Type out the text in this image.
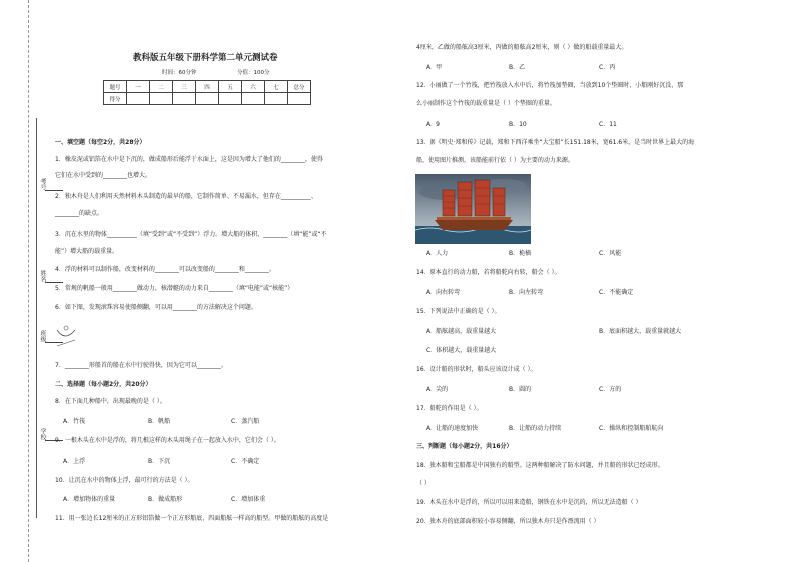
考号
姓名
班级
学校
教科版五年级下册科学第二单元测试卷
时间：60分钟	分值：100分
题号	一	二	三	四	五	六	七	总分
得分								
一、填空题（每空2分，共28分）
1．橡皮泥或铝箔在水中是下沉的，做成船形后能浮于水面上，这是因为增大了他们的________，使得
它们在水中受到的________也增大。
2．独木舟是人们利用天然材料木头制造的最早的船，它制作简单、不易漏水，但存在__________、
________的缺点。
3．沉在水里的物体__________（填“受到”或“不受到”）浮力。增大船的体积，________（填“能”或“不
能”）增大船的载重量。
4．浮的材料可以制作船，改变材料的________可以改变船的________和________。
5．常规的帆船一般用________做动力，核潜艇的动力来自________（填“电能”或“核能”）
6．如下图，发现滚珠容易使船侧翻，可以用________的方法解决这个问题。
7．________形船首的船在水中行驶得快，因为它可以________。
二、选择题（每小题2分，共20分）
8．在下面几种船中，出现最晚的是（ ）。
A．竹筏	B．帆船	C．蒸汽船
9．一根木头在水中是浮的，将几根这样的木头用绳子在一起放入水中，它们会（ ）。
A．上浮	B．下沉	C．不确定
10．让沉在水中的物体上浮，最可行的方法是（ ）。
A．增加物体的重量	B．做成船形	C．增加体重
11．用一张边长12厘米的正方形铝箔做一个正方形船底、四面船舷一样高的船型。甲做的船舷的高度是
4厘米，乙做的船舷高3厘米，丙做的船舷高2厘米，则（ ）做的船载重量最大。
A．甲	B．乙	C．丙
12．小丽做了一个竹筏，把竹筏放入水中后，将竹筏加垫圈，当放到10个垫圈时，小船刚好沉没，那
么小丽制作这个竹筏的载重量是（ ）个垫圈的重量。
A．9	B．10	C．11
13．据《明史·郑和传》记载，郑和下西洋乘坐“大宝船”长151.18米，宽61.6米，是当时世界上最大的海
船，使用图片推测，该船能前行依（ ）为主要的动力来源。
A．人力	B．桅樯	C．风能
14．原本直行的动力船，若将船舵向右转，船会（ ）。
A．向右转弯	B．向左转弯	C．不能确定
15．下列说法中正确的是（ ）。
A．船舷越高，载重量越大	B．底面积越大，载重量就越大
C．体积越大，载重量越大
16．设计船的形状时，船头应该设计成（ ）。
A．尖的	B．圆的	C．方的
17．船舵的作用是（ ）。
A．让船的速度加快	B．让船的动力持续	C．操纵和控制船舶航向
三、判断题（每小题2分，共16分）
18．独木船和宝船都是中国独有的船型。这两种船解决了防水问题，并且船的形状已经成形。
（ ）
19．木头在水中是浮的，所以可以用来造船，钢铁在水中是沉的，所以无法造船（ ）
20．独木舟的底部面积较小容易侧翻，所以独木舟只是作漂流用（ ）
